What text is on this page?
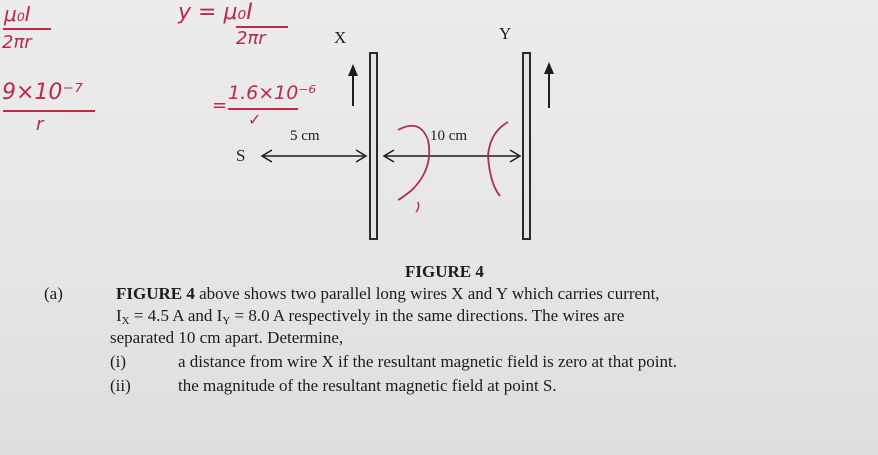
μ₀I
2πr
9×10⁻⁷
r
y = μ₀I
2πr
=
1.6×10⁻⁶
✓
X	Y
S
5 cm	10 cm
FIGURE 4
(a)	FIGURE 4 above shows two parallel long wires X and Y which carries current,
$I_X = 4.5$ A and $I_Y = 8.0$ A respectively in the same directions. The wires are
separated 10 cm apart. Determine,
(i)	a distance from wire X if the resultant magnetic field is zero at that point.
(ii)	the magnitude of the resultant magnetic field at point S.
